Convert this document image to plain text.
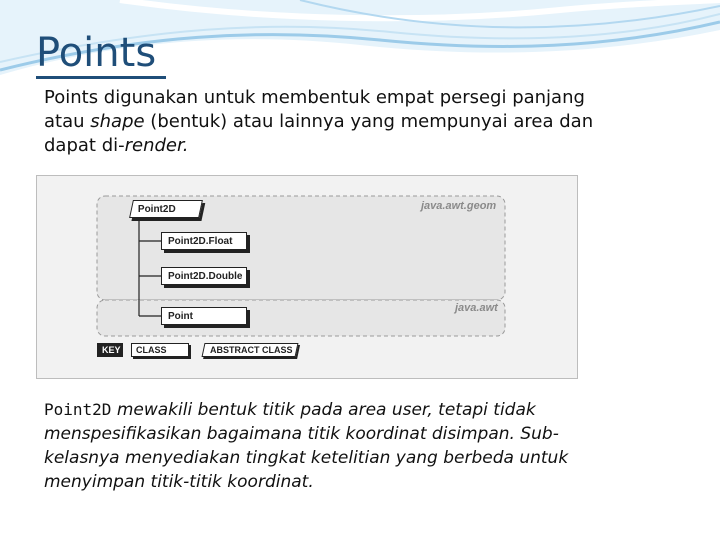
Points
Points digunakan untuk membentuk empat persegi panjang
atau shape (bentuk) atau lainnya yang mempunyai area dan
dapat di-render.
java.awt.geom
java.awt
Point2D
Point2D.Float
Point2D.Double
Point
KEY CLASS	ABSTRACT CLASS
Point2D mewakili bentuk titik pada area user, tetapi tidak
menspesifikasikan bagaimana titik koordinat disimpan. Sub-
kelasnya menyediakan tingkat ketelitian yang berbeda untuk
menyimpan titik-titik koordinat.
